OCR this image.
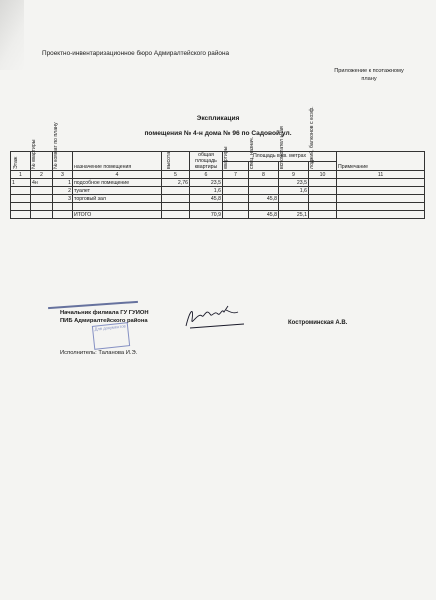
Проектно-инвентаризационное бюро Адмиралтейского района
Приложение к поэтажному плану
Экспликация
помещения № 4-н дома № 96 по Садовой ул.
Этаж	№ квартиры	№ комнат по плану	назначение помещения	высота	общая площадь квартиры	Площадь в кв. метрах				Примечание
						квартиры	спец. назнач.	вспомогател ьная	лоджий, балконов с коэф.	
1	2	3	4	5	6	7	8	9	10	11
1	4н	1	подсобное помещение	2,76	23,5			23,5		
		2	туалет		1,6			1,6		
		3	торговый зал		45,8		45,8			

			ИТОГО		70,9		45,8	25,1		
Начальник филиала ГУ ГУИОН
ПИБ Адмиралтейского района	Костроминская А.В.
Для документов
Исполнитель: Таланова И.Э.
